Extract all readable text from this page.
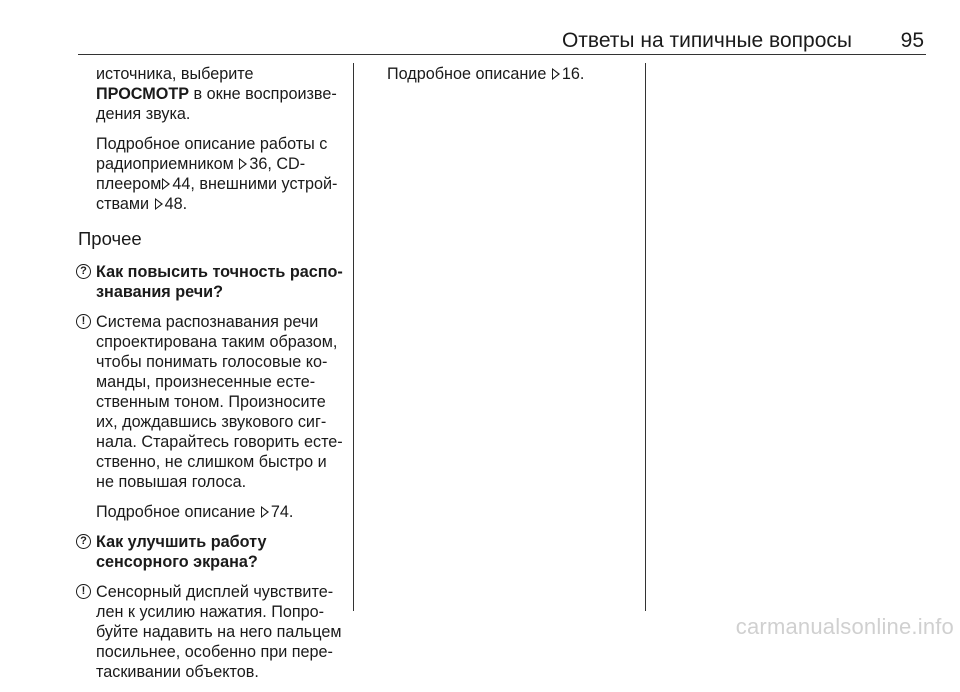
Ответы на типичные вопросы 95

источника, выберите
ПРОСМОТР в окне воспроизве-
дения звука.

Подробное описание работы с радиоприемником 36, CD- плеером 44, внешними устрой- ствами 48.

Прочее
? Как повысить точность распо- знавания речи?
! Система распознавания речи спроектирована таким образом, чтобы понимать голосовые ко- манды, произнесенные есте- ственным тоном. Произносите их, дождавшись звукового сиг- нала. Старайтесь говорить есте- ственно, не слишком быстро и не повышая голоса.

Подробное описание 74.

? Как улучшить работу сенсорного экрана?
! Сенсорный дисплей чувствите- лен к усилию нажатия. Попро- буйте надавить на него пальцем посильнее, особенно при пере- таскивании объектов.

Подробное описание 16.

carmanualsonline.info
